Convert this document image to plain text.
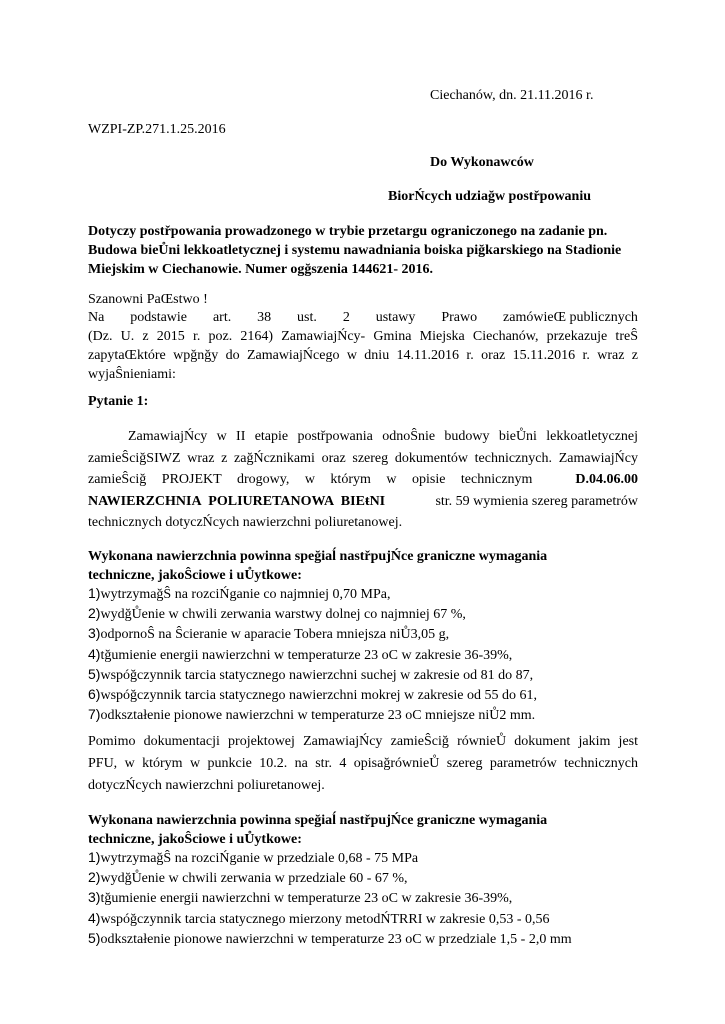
Ciechanów, dn. 21.11.2016 r.

WZPI-ZP.271.1.25.2016

Do Wykonawców

BiorŃcych udziağw postřpowaniu

Dotyczy postřpowania prowadzonego w trybie przetargu ograniczonego na zadanie pn.
Budowa bieŮni lekkoatletycznej i systemu nawadniania boiska piğkarskiego na Stadionie
Miejskim w Ciechanowie. Numer ogğszenia 144621- 2016.

Szanowni PaŒstwo !

Na podstawie art. 38 ust. 2 ustawy Prawo zamówieŒ publicznych
(Dz. U. z 2015 r. poz. 2164) ZamawiajŃcy- Gmina Miejska Ciechanów, przekazuje treŜ
zapytaŒktóre wpğnğy do ZamawiajŃcego w dniu 14.11.2016 r. oraz 15.11.2016 r. wraz z
wyjaŜnieniami:

Pytanie 1:

ZamawiajŃcy w II etapie postřpowania odnoŜnie budowy bieŮni lekkoatletycznej
zamieŜciğSIWZ wraz z zağŃcznikami oraz szereg dokumentów technicznych. ZamawiajŃcy
zamieŜciğ PROJEKT drogowy, w którym w opisie technicznym	D.04.06.00
NAWIERZCHNIA POLIURETANOWA BIEŧNI	str. 59 wymienia szereg parametrów
technicznych dotyczŃcych nawierzchni poliuretanowej.
Wykonana nawierzchnia powinna speğiaĺ nastřpujŃce graniczne wymagania
techniczne, jakoŜciowe i uŮytkowe:
1) wytrzymağŜ na rozciŃganie co najmniej 0,70 MPa,
2) wydğŮenie w chwili zerwania warstwy dolnej co najmniej 67 %,
3) odpornoŜ na Ŝcieranie w aparacie Tobera mniejsza niŮ3,05 g,
4) tğumienie energii nawierzchni w temperaturze 23 oC w zakresie 36-39%,
5) wspóğczynnik tarcia statycznego nawierzchni suchej w zakresie od 81 do 87,
6) wspóğczynnik tarcia statycznego nawierzchni mokrej w zakresie od 55 do 61,
7) odkształenie pionowe nawierzchni w temperaturze 23 oC mniejsze niŮ2 mm.
Pomimo dokumentacji projektowej ZamawiajŃcy zamieŜciğ równieŮ dokument jakim jest
PFU, w którym w punkcie 10.2. na str. 4 opisağrównieŮ szereg parametrów technicznych
dotyczŃcych nawierzchni poliuretanowej.
Wykonana nawierzchnia powinna speğiaĺ nastřpujŃce graniczne wymagania
techniczne, jakoŜciowe i uŮytkowe:
1) wytrzymağŜ na rozciŃganie w przedziale 0,68 - 75 MPa
2) wydğŮenie w chwili zerwania w przedziale 60 - 67 %,
3) tğumienie energii nawierzchni w temperaturze 23 oC w zakresie 36-39%,
4) wspóğczynnik tarcia statycznego mierzony metodŃTRRI w zakresie 0,53 - 0,56
5) odkształenie pionowe nawierzchni w temperaturze 23 oC w przedziale 1,5 - 2,0 mm
